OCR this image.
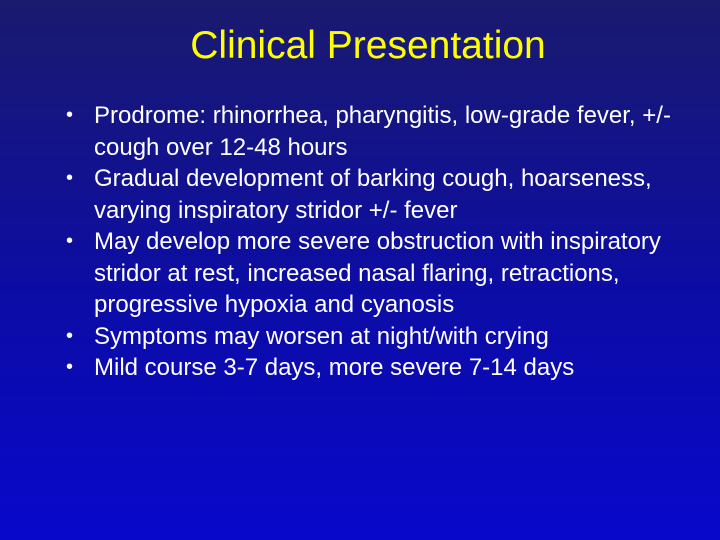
Clinical Presentation
• Prodrome: rhinorrhea, pharyngitis, low-grade fever, +/- cough over 12-48 hours
• Gradual development of barking cough, hoarseness, varying inspiratory stridor +/- fever
• May develop more severe obstruction with inspiratory stridor at rest, increased nasal flaring, retractions, progressive hypoxia and cyanosis
• Symptoms may worsen at night/with crying
• Mild course 3-7 days, more severe 7-14 days
